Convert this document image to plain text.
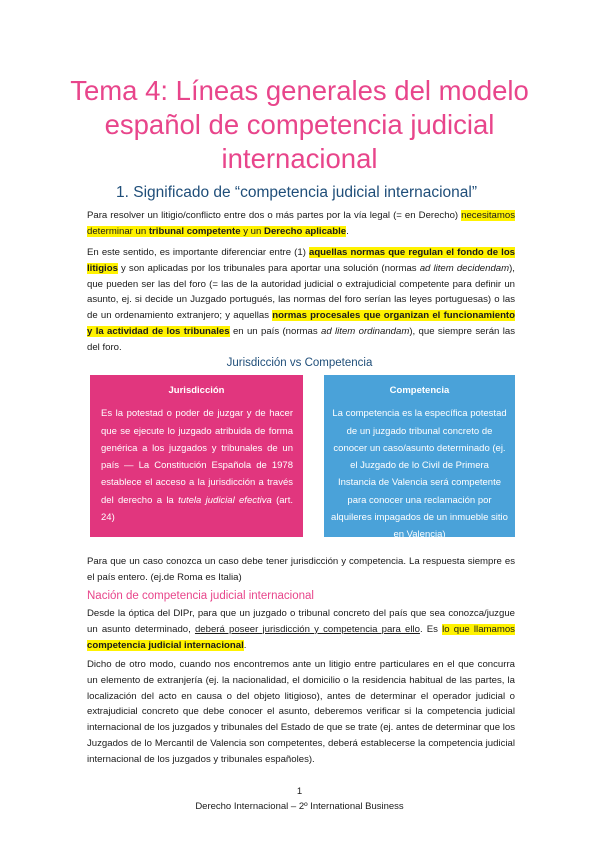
Tema 4: Líneas generales del modelo
español de competencia judicial
internacional
1. Significado de “competencia judicial internacional”
Para resolver un litigio/conflicto entre dos o más partes por la vía legal (= en Derecho) necesitamos determinar un tribunal competente y un Derecho aplicable.
En este sentido, es importante diferenciar entre (1) aquellas normas que regulan el fondo de los litigios y son aplicadas por los tribunales para aportar una solución (normas ad litem decidendam), que pueden ser las del foro (= las de la autoridad judicial o extrajudicial competente para definir un asunto, ej. si decide un Juzgado portugués, las normas del foro serían las leyes portuguesas) o las de un ordenamiento extranjero; y aquellas normas procesales que organizan el funcionamiento y la actividad de los tribunales en un país (normas ad litem ordinandam), que siempre serán las del foro.
Jurisdicción vs Competencia
Jurisdicción
Es la potestad o poder de juzgar y de hacer que se ejecute lo juzgado atribuida de forma genérica a los juzgados y tribunales de un país — La Constitución Española de 1978 establece el acceso a la jurisdicción a través del derecho a la tutela judicial efectiva (art. 24)
Competencia
La competencia es la específica potestad de un juzgado tribunal concreto de conocer un caso/asunto determinado (ej. el Juzgado de lo Civil de Primera Instancia de Valencia será competente para conocer una reclamación por alquileres impagados de un inmueble sitio en Valencia)
Para que un caso conozca un caso debe tener jurisdicción y competencia. La respuesta siempre es el país entero. (ej.de Roma es Italia)
Nación de competencia judicial internacional
Desde la óptica del DIPr, para que un juzgado o tribunal concreto del país que sea conozca/juzgue un asunto determinado, deberá poseer jurisdicción y competencia para ello. Es lo que llamamos competencia judicial internacional.
Dicho de otro modo, cuando nos encontremos ante un litigio entre particulares en el que concurra un elemento de extranjería (ej. la nacionalidad, el domicilio o la residencia habitual de las partes, la localización del acto en causa o del objeto litigioso), antes de determinar el operador judicial o extrajudicial concreto que debe conocer el asunto, deberemos verificar si la competencia judicial internacional de los juzgados y tribunales del Estado de que se trate (ej. antes de determinar que los Juzgados de lo Mercantil de Valencia son competentes, deberá establecerse la competencia judicial internacional de los juzgados y tribunales españoles).
1
Derecho Internacional – 2º International Business
